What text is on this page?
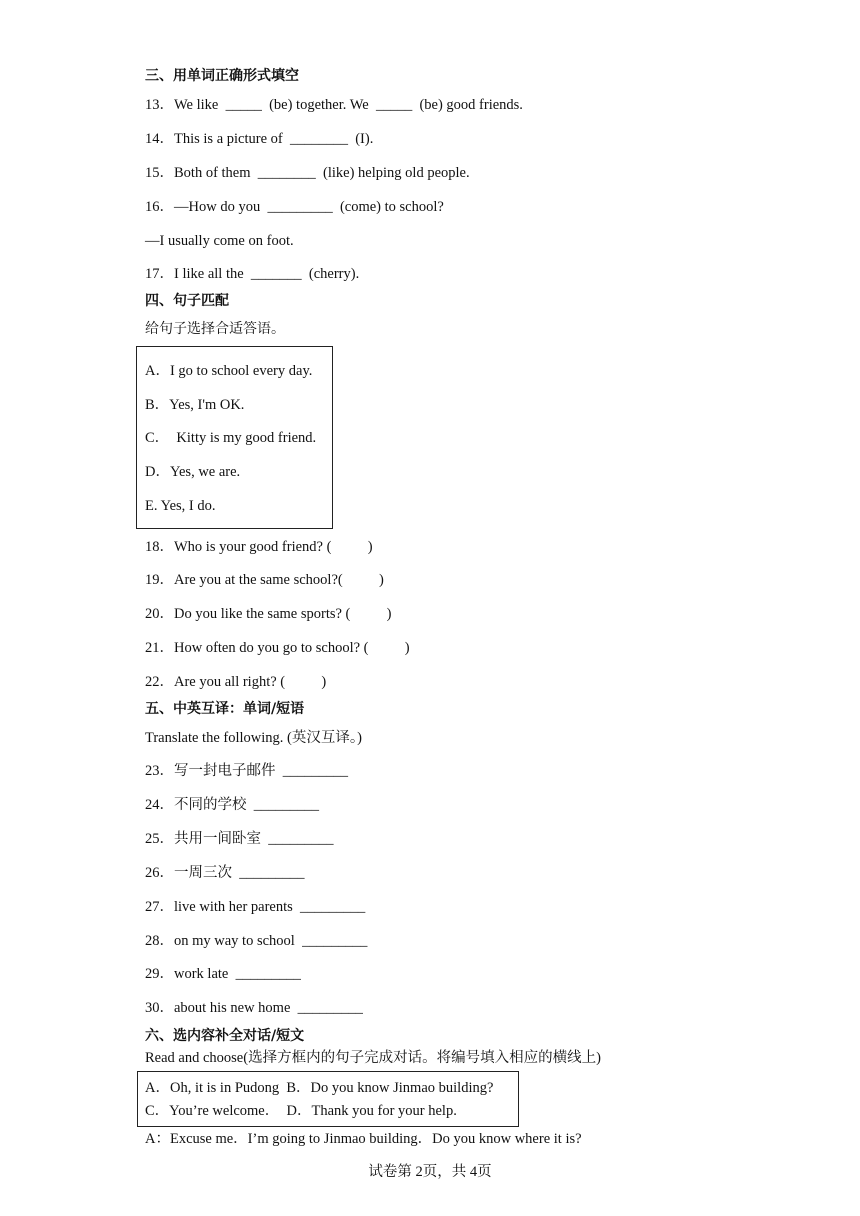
三、用单词正确形式填空
13．We like  _____  (be) together. We  _____  (be) good friends.
14．This is a picture of  ________  (I).
15．Both of them  ________  (like) helping old people.
16．—How do you  _________  (come) to school?
—I usually come on foot.
17．I like all the  _______  (cherry).
四、句子匹配
给句子选择合适答语。
A．I go to school every day.
B．Yes, I'm OK.
C．  Kitty is my good friend.
D．Yes, we are.
E. Yes, I do.
18．Who is your good friend? (          )
19．Are you at the same school?(          )
20．Do you like the same sports? (          )
21．How often do you go to school? (          )
22．Are you all right? (          )
五、中英互译：单词/短语
Translate the following. (英汉互译。)
23．写一封电子邮件  _________
24．不同的学校  _________
25．共用一间卧室  _________
26．一周三次  _________
27．live with her parents  _________
28．on my way to school  _________
29．work late  _________
30．about his new home  _________
六、选内容补全对话/短文
Read and choose(选择方框内的句子完成对话。将编号填入相应的横线上)
A．Oh, it is in Pudong  B．Do you know Jinmao building?
C．You’re welcome．  D．Thank you for your help.
A：Excuse me．I’m going to Jinmao building．Do you know where it is?
试卷第 2页，共 4页
